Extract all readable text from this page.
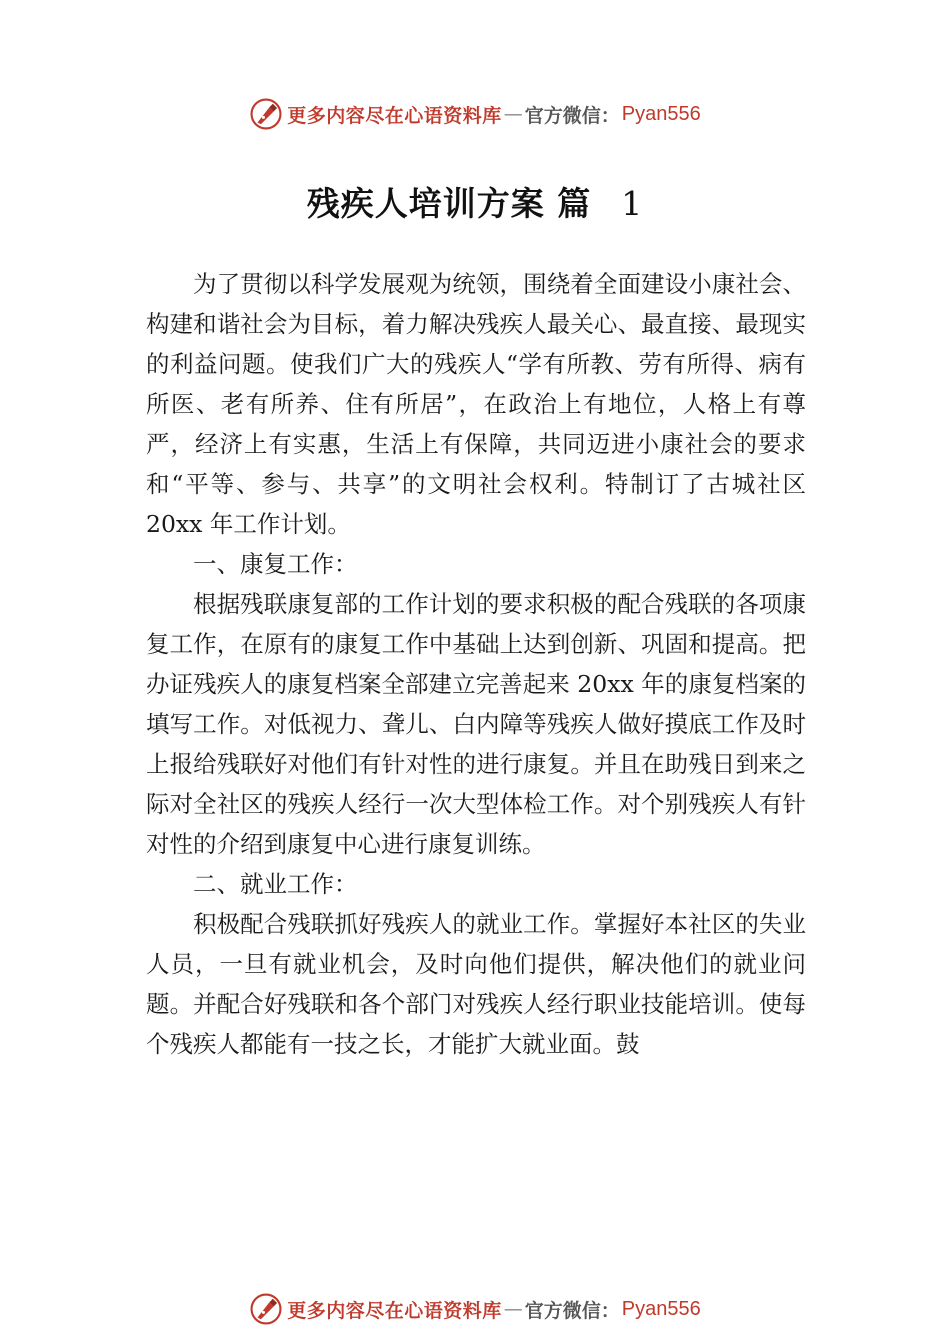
更多内容尽在心语资料库 — 官方微信： Pyan556
残疾人培训方案 篇 1

为了贯彻以科学发展观为统领，围绕着全面建设小康社会、构建和谐社会为目标，着力解决残疾人最关心、最直接、最现实的利益问题。使我们广大的残疾人“学有所教、劳有所得、病有所医、老有所养、住有所居”，在政治上有地位，人格上有尊严，经济上有实惠，生活上有保障，共同迈进小康社会的要求和“平等、参与、共享”的文明社会权利。特制订了古城社区 20xx 年工作计划。

一、康复工作：

根据残联康复部的工作计划的要求积极的配合残联的各项康复工作，在原有的康复工作中基础上达到创新、巩固和提高。把办证残疾人的康复档案全部建立完善起来 20xx 年的康复档案的填写工作。对低视力、聋儿、白内障等残疾人做好摸底工作及时上报给残联好对他们有针对性的进行康复。并且在助残日到来之际对全社区的残疾人经行一次大型体检工作。对个别残疾人有针对性的介绍到康复中心进行康复训练。

二、就业工作：

积极配合残联抓好残疾人的就业工作。掌握好本社区的失业人员，一旦有就业机会，及时向他们提供，解决他们的就业问题。并配合好残联和各个部门对残疾人经行职业技能培训。使每个残疾人都能有一技之长，才能扩大就业面。鼓

更多内容尽在心语资料库 — 官方微信： Pyan556
